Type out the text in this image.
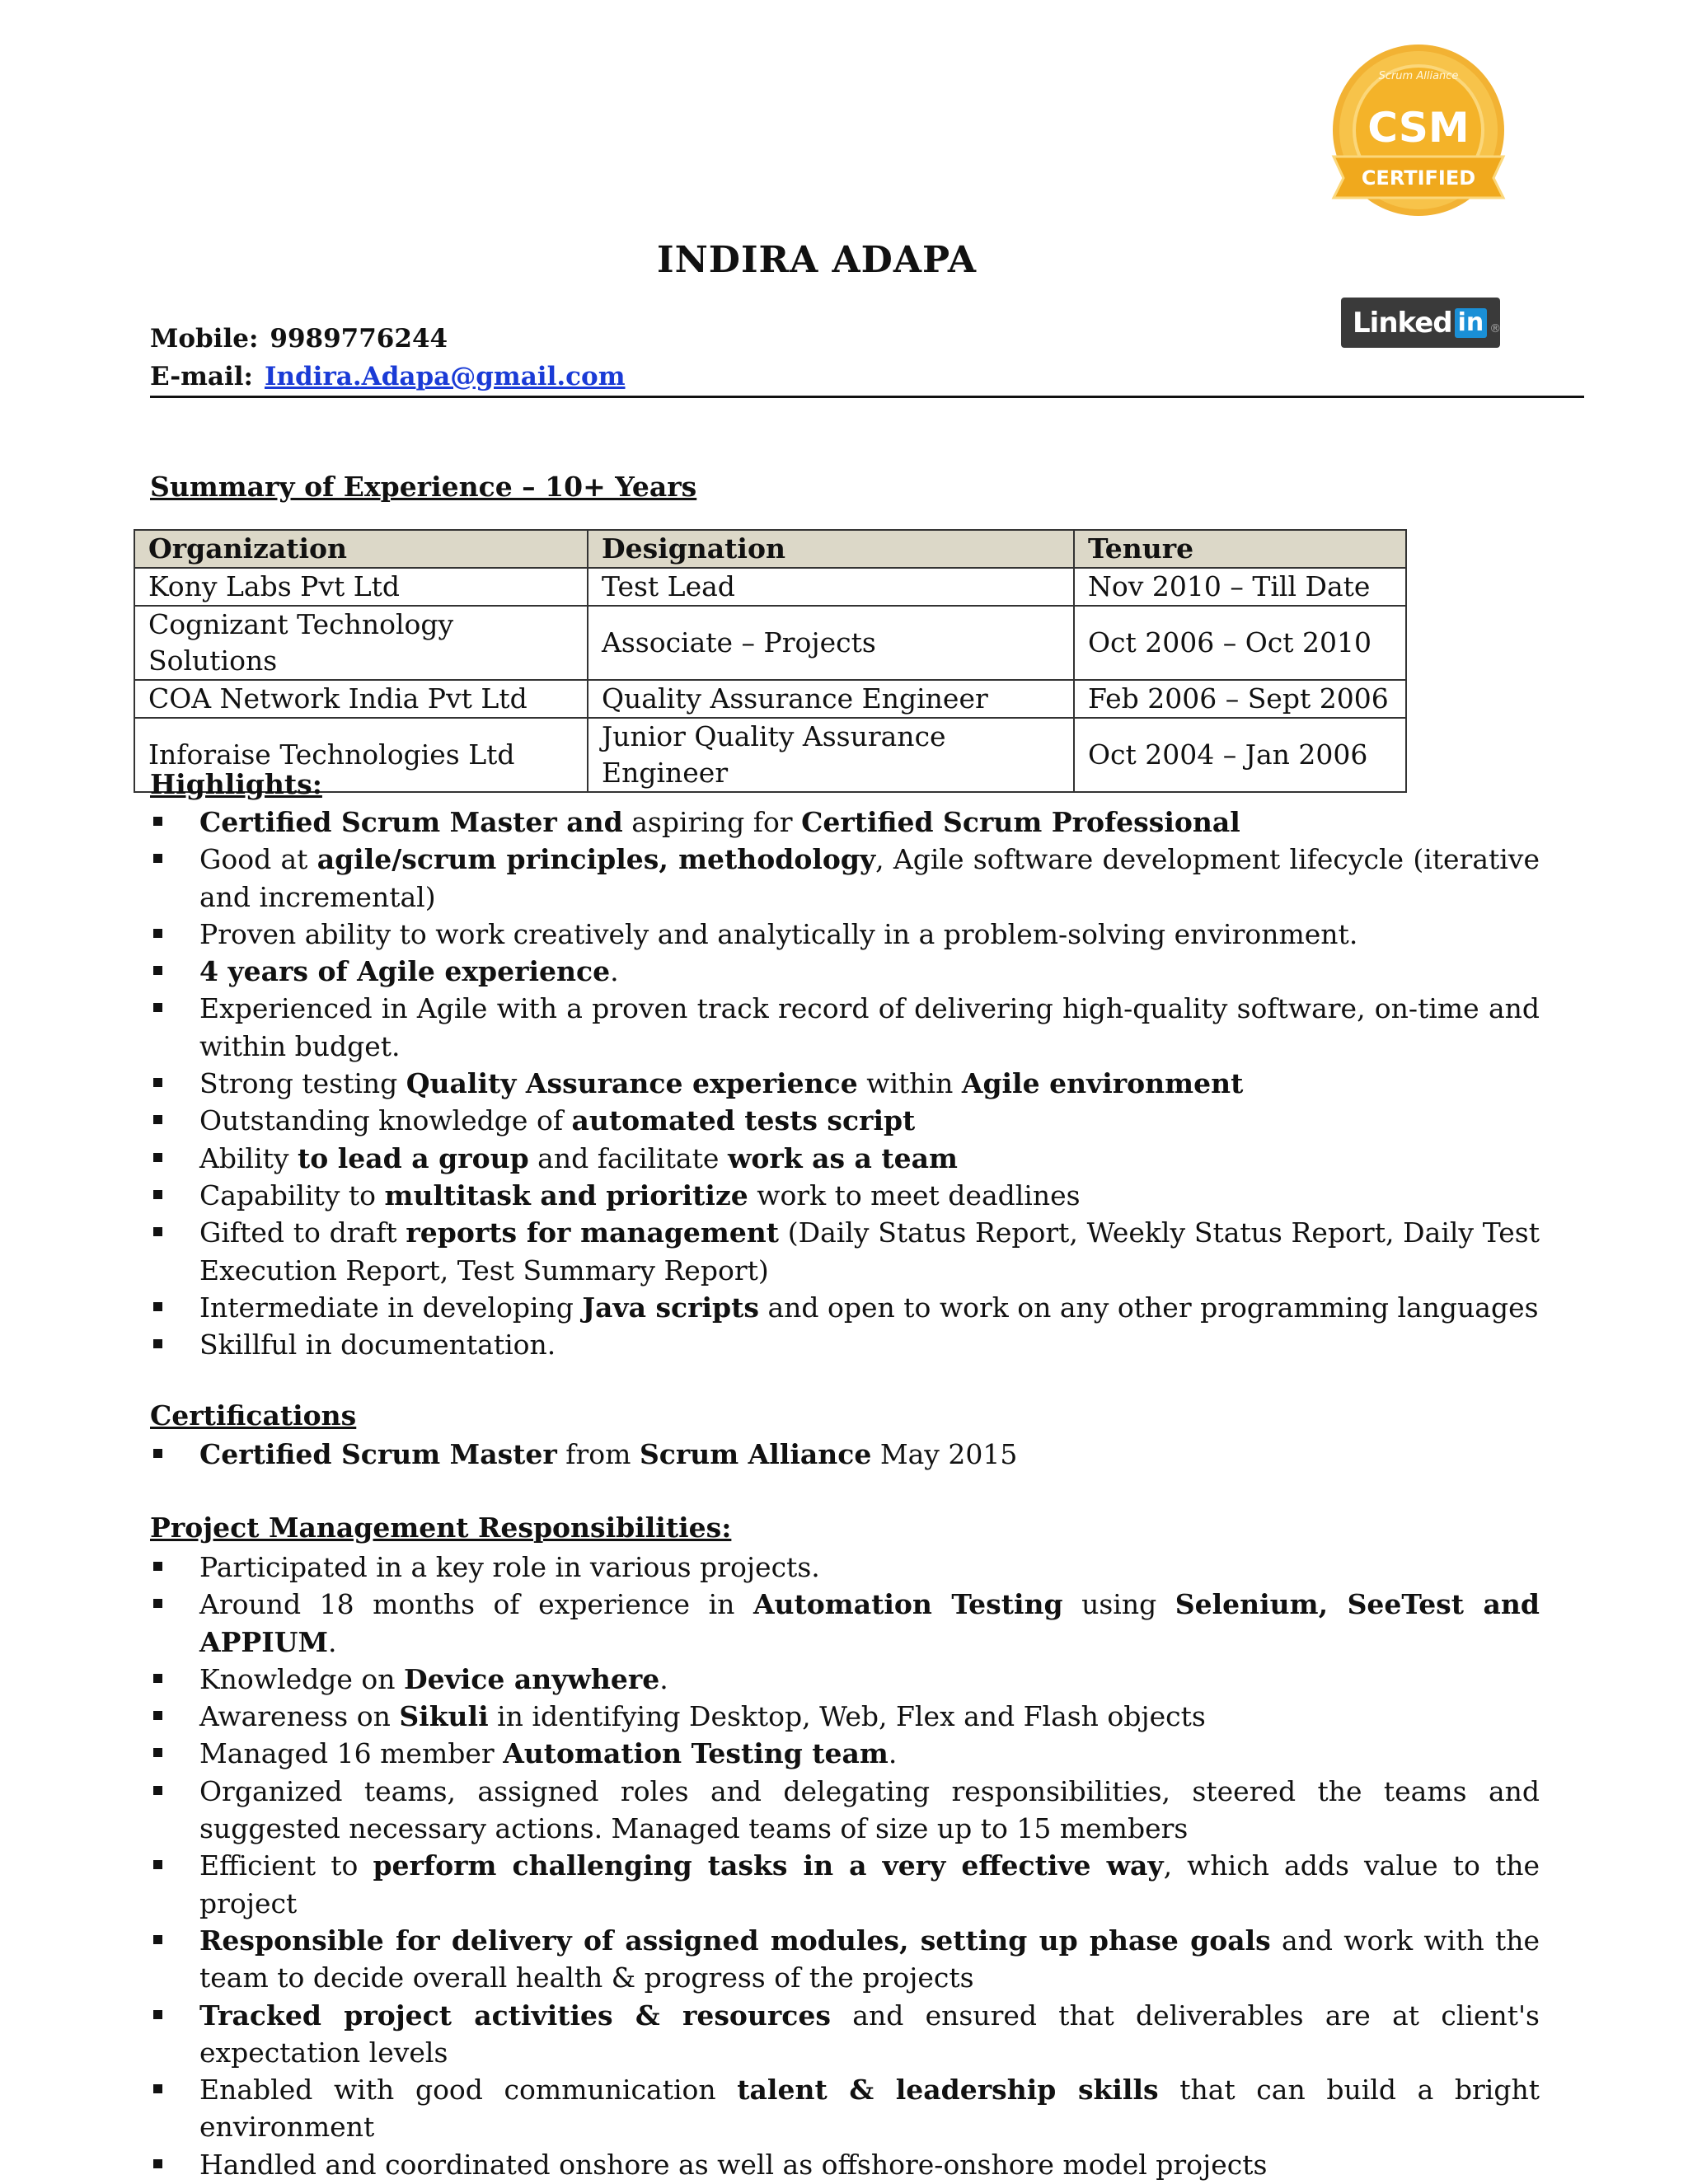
Scrum Alliance
CSM
CERTIFIED
Linked in ®
INDIRA ADAPA
Mobile: 9989776244
E-mail: Indira.Adapa@gmail.com
Summary of Experience – 10+ Years
Organization	Designation	Tenure
Kony Labs Pvt Ltd	Test Lead	Nov 2010 – Till Date
Cognizant Technology Solutions	Associate – Projects	Oct 2006 – Oct 2010
COA Network India Pvt Ltd	Quality Assurance Engineer	Feb 2006 – Sept 2006
Inforaise Technologies Ltd	Junior Quality Assurance Engineer	Oct 2004 – Jan 2006
Highlights:
Certified Scrum Master and aspiring for Certified Scrum Professional
Good at agile/scrum principles, methodology, Agile software development lifecycle (iterative and incremental)
Proven ability to work creatively and analytically in a problem-solving environment.
4 years of Agile experience.
Experienced in Agile with a proven track record of delivering high-quality software, on-time and within budget.
Strong testing Quality Assurance experience within Agile environment
Outstanding knowledge of automated tests script
Ability to lead a group and facilitate work as a team
Capability to multitask and prioritize work to meet deadlines
Gifted to draft reports for management (Daily Status Report, Weekly Status Report, Daily Test Execution Report, Test Summary Report)
Intermediate in developing Java scripts and open to work on any other programming languages
Skillful in documentation.
Certifications
Certified Scrum Master from Scrum Alliance May 2015
Project Management Responsibilities:
Participated in a key role in various projects.
Around 18 months of experience in Automation Testing using Selenium, SeeTest and APPIUM.
Knowledge on Device anywhere.
Awareness on Sikuli in identifying Desktop, Web, Flex and Flash objects
Managed 16 member Automation Testing team.
Organized teams, assigned roles and delegating responsibilities, steered the teams and suggested necessary actions. Managed teams of size up to 15 members
Efficient to perform challenging tasks in a very effective way, which adds value to the project
Responsible for delivery of assigned modules, setting up phase goals and work with the team to decide overall health & progress of the projects
Tracked project activities & resources and ensured that deliverables are at client's expectation levels
Enabled with good communication talent & leadership skills that can build a bright environment
Handled and coordinated onshore as well as offshore-onshore model projects
